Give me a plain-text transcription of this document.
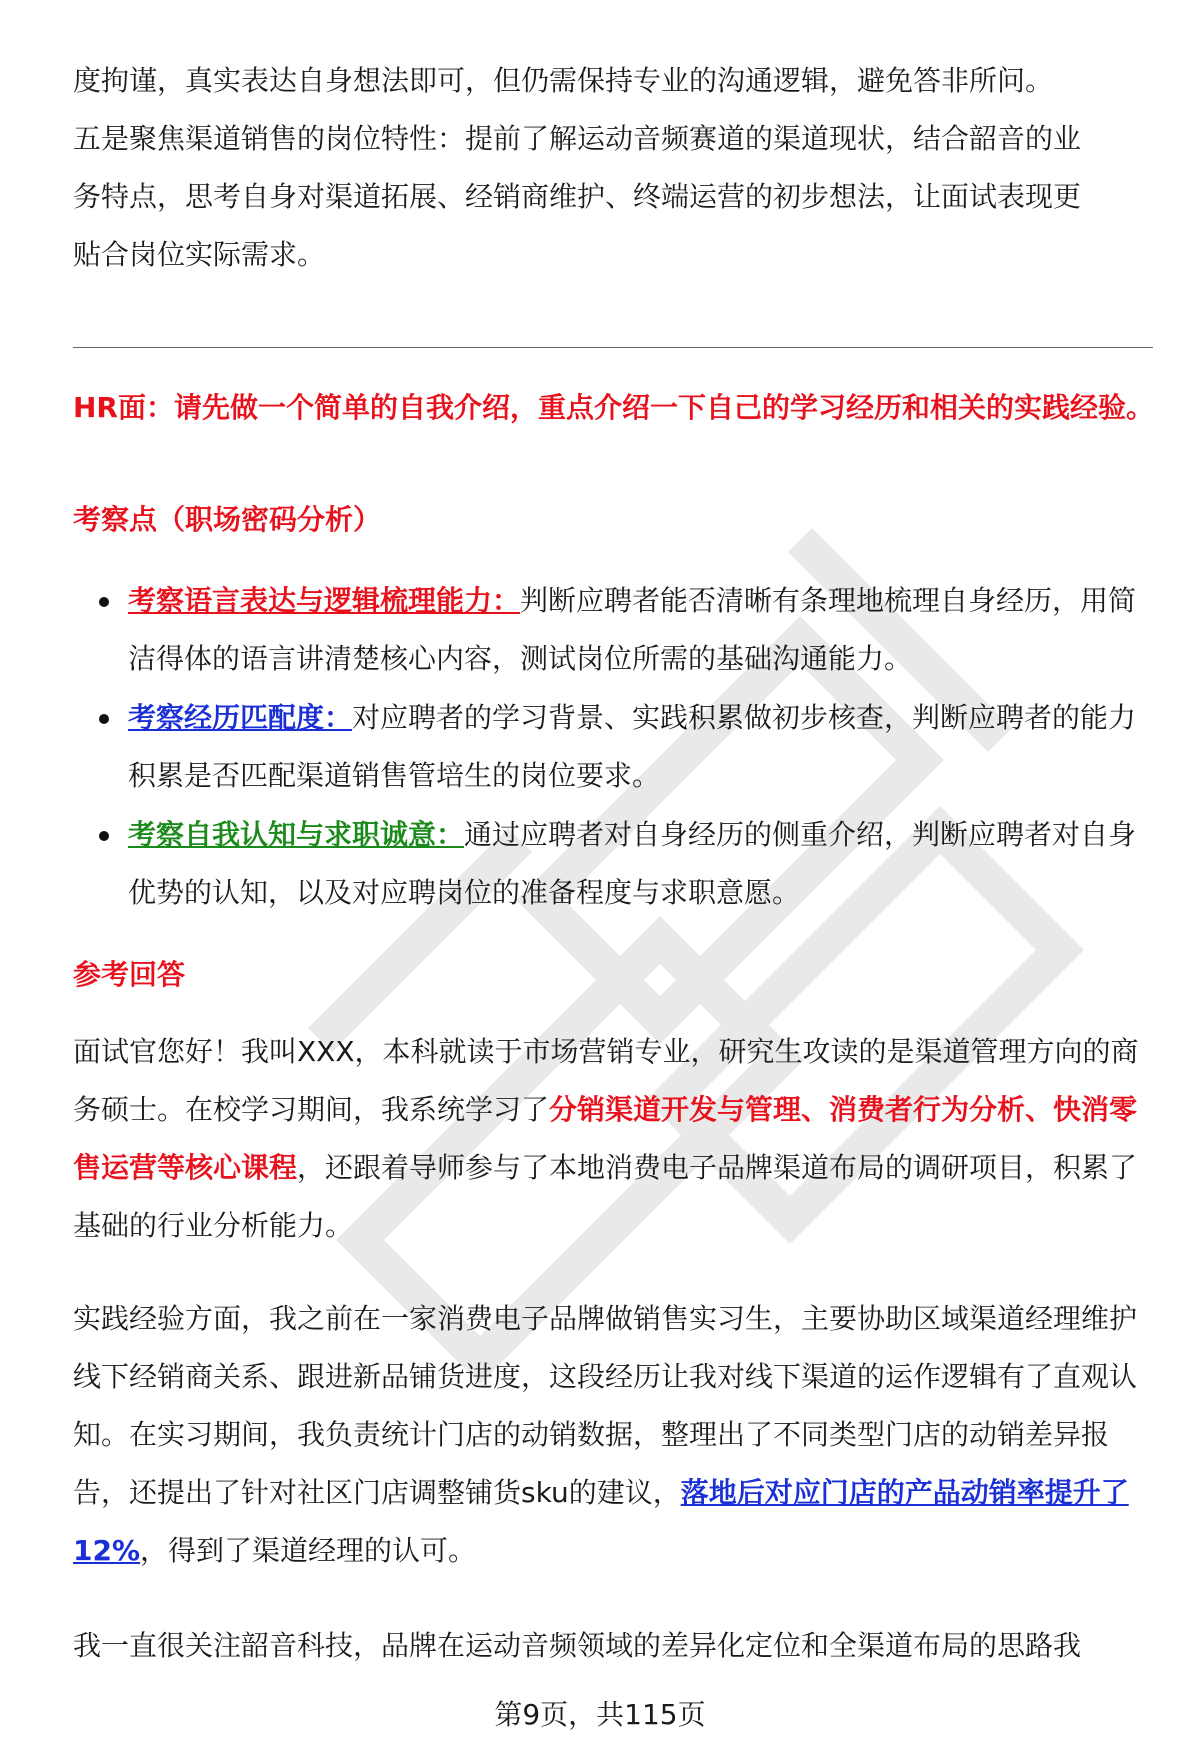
度拘谨，真实表达自身想法即可，但仍需保持专业的沟通逻辑，避免答非所问。

五是聚焦渠道销售的岗位特性：提前了解运动音频赛道的渠道现状，结合韶音的业

务特点，思考自身对渠道拓展、经销商维护、终端运营的初步想法，让面试表现更

贴合岗位实际需求。

HR面：请先做一个简单的自我介绍，重点介绍一下自己的学习经历和相关的实践经验。

考察点（职场密码分析）

考察语言表达与逻辑梳理能力：判断应聘者能否清晰有条理地梳理自身经历，用简洁得体的语言讲清楚核心内容，测试岗位所需的基础沟通能力。
考察经历匹配度：对应聘者的学习背景、实践积累做初步核查，判断应聘者的能力积累是否匹配渠道销售管培生的岗位要求。
考察自我认知与求职诚意：通过应聘者对自身经历的侧重介绍，判断应聘者对自身优势的认知，以及对应聘岗位的准备程度与求职意愿。

参考回答

面试官您好！我叫XXX，本科就读于市场营销专业，研究生攻读的是渠道管理方向的商务硕士。在校学习期间，我系统学习了分销渠道开发与管理、消费者行为分析、快消零售运营等核心课程，还跟着导师参与了本地消费电子品牌渠道布局的调研项目，积累了基础的行业分析能力。
实践经验方面，我之前在一家消费电子品牌做销售实习生，主要协助区域渠道经理维护线下经销商关系、跟进新品铺货进度，这段经历让我对线下渠道的运作逻辑有了直观认知。在实习期间，我负责统计门店的动销数据，整理出了不同类型门店的动销差异报告，还提出了针对社区门店调整铺货sku的建议，落地后对应门店的产品动销率提升了12%，得到了渠道经理的认可。
我一直很关注韶音科技，品牌在运动音频领域的差异化定位和全渠道布局的思路我
第9页，共115页
